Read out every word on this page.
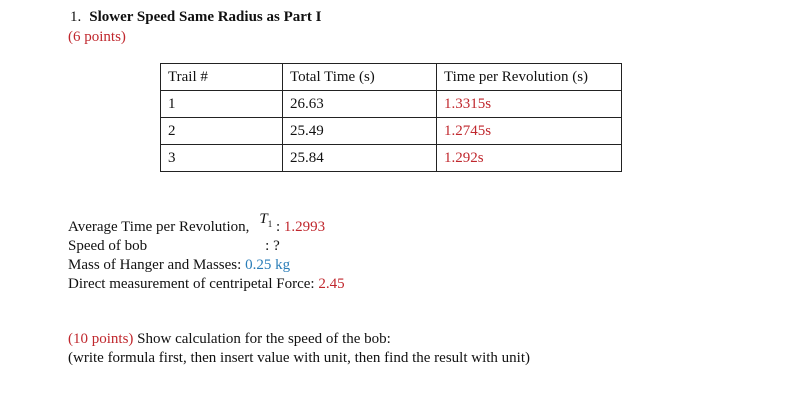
1. Slower Speed Same Radius as Part I
(6 points)
Trail #	Total Time (s)	Time per Revolution (s)
1	26.63	1.3315s
2	25.49	1.2745s
3	25.84	1.292s
Average Time per Revolution, $T_1$ : 1.2993
Speed of bob	: ?
Mass of Hanger and Masses: 0.25 kg
Direct measurement of centripetal Force: 2.45
(10 points) Show calculation for the speed of the bob:
(write formula first, then insert value with unit, then find the result with unit)
